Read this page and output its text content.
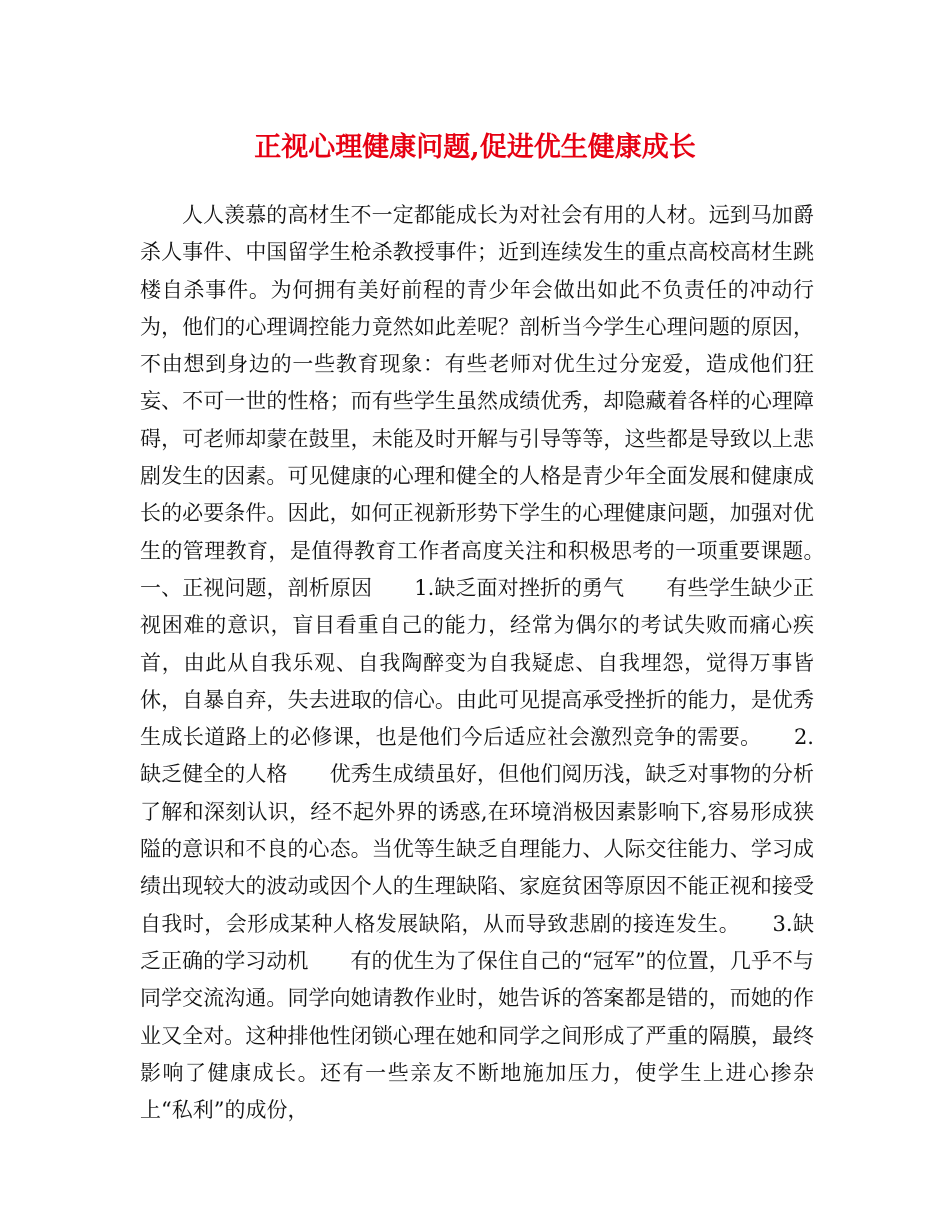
正视心理健康问题,促进优生健康成长

人人羡慕的高材生不一定都能成长为对社会有用的人材。远到马加爵杀人事件、中国留学生枪杀教授事件；近到连续发生的重点高校高材生跳楼自杀事件。为何拥有美好前程的青少年会做出如此不负责任的冲动行为，他们的心理调控能力竟然如此差呢？剖析当今学生心理问题的原因，不由想到身边的一些教育现象：有些老师对优生过分宠爱，造成他们狂妄、不可一世的性格；而有些学生虽然成绩优秀，却隐藏着各样的心理障碍，可老师却蒙在鼓里，未能及时开解与引导等等，这些都是导致以上悲剧发生的因素。可见健康的心理和健全的人格是青少年全面发展和健康成长的必要条件。因此，如何正视新形势下学生的心理健康问题，加强对优生的管理教育，是值得教育工作者高度关注和积极思考的一项重要课题。　　一、正视问题，剖析原因　　1.缺乏面对挫折的勇气　　有些学生缺少正视困难的意识，盲目看重自己的能力，经常为偶尔的考试失败而痛心疾首，由此从自我乐观、自我陶醉变为自我疑虑、自我埋怨，觉得万事皆休，自暴自弃，失去进取的信心。由此可见提高承受挫折的能力，是优秀生成长道路上的必修课，也是他们今后适应社会激烈竞争的需要。　　2.缺乏健全的人格　　优秀生成绩虽好，但他们阅历浅，缺乏对事物的分析了解和深刻认识，经不起外界的诱惑,在环境消极因素影响下,容易形成狭隘的意识和不良的心态。当优等生缺乏自理能力、人际交往能力、学习成绩出现较大的波动或因个人的生理缺陷、家庭贫困等原因不能正视和接受自我时，会形成某种人格发展缺陷，从而导致悲剧的接连发生。　　3.缺乏正确的学习动机　　有的优生为了保住自己的“冠军”的位置，几乎不与同学交流沟通。同学向她请教作业时，她告诉的答案都是错的，而她的作业又全对。这种排他性闭锁心理在她和同学之间形成了严重的隔膜，最终影响了健康成长。还有一些亲友不断地施加压力，使学生上进心掺杂上“私利”的成份，
